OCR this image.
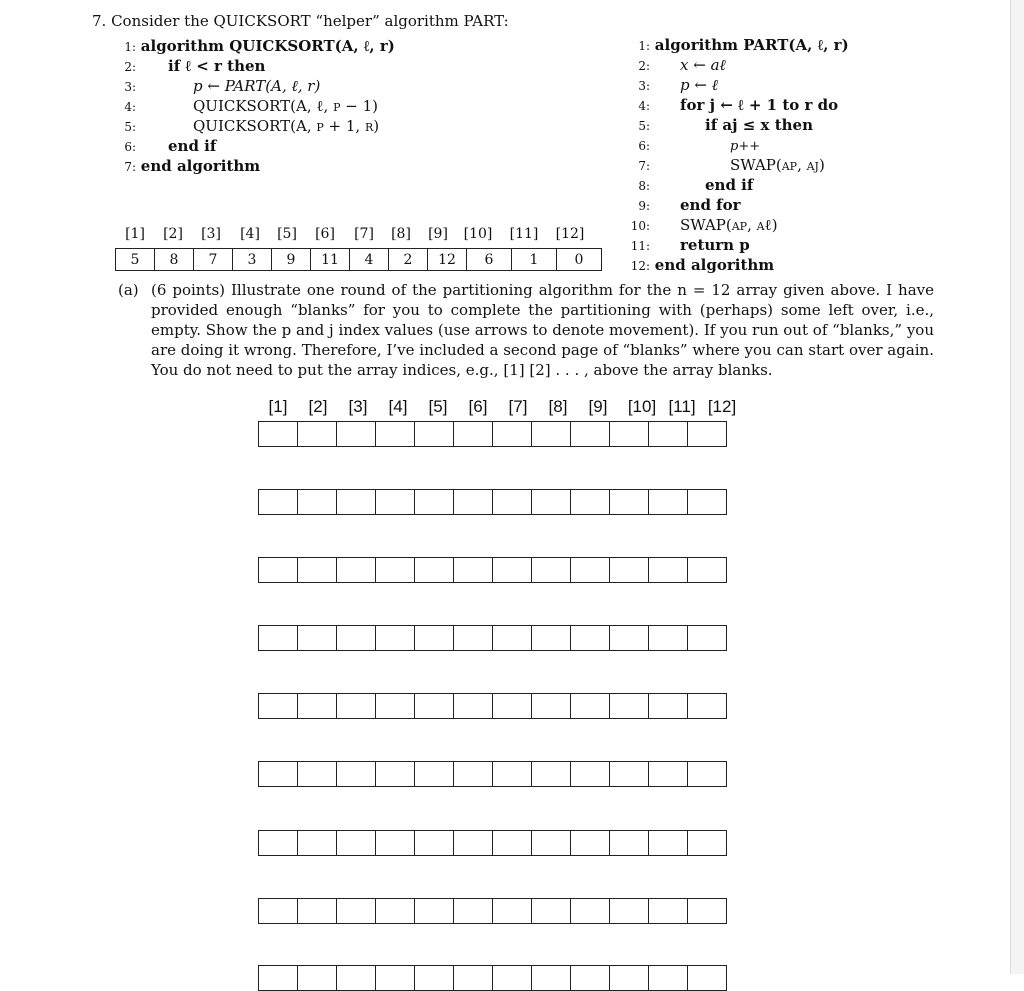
7. Consider the QUICKSORT “helper” algorithm PART:
1: algorithm QUICKSORT(A, ℓ, r)
2: if ℓ < r then
3:	p ← PART(A, ℓ, r)
4:	QUICKSORT(A, ℓ, p − 1)
5:	QUICKSORT(A, p + 1, r)
6: end if
7: end algorithm
1: algorithm PART(A, ℓ, r)
2: x ← aℓ
3: p ← ℓ
4: for j ← ℓ + 1 to r do
5:	if aj ≤ x then
6:	p++
7:	SWAP(ap, aj)
8:	end if
9: end for
10: SWAP(ap, aℓ)
11: return p
12: end algorithm
[1]	[2]	[3]	[4]	[5]	[6]	[7]	[8]	[9]	[10]	[11]	[12]
5	8	7	3	9	11	4	2	12	6	1	0
(a) (6 points) Illustrate one round of the partitioning algorithm for the n = 12 array given above. I have provided enough “blanks” for you to complete the partitioning with (perhaps) some left over, i.e., empty. Show the p and j index values (use arrows to denote movement). If you run out of “blanks,” you are doing it wrong. Therefore, I’ve included a second page of “blanks” where you can start over again. You do not need to put the array indices, e.g., [1] [2] . . . , above the array blanks.
[1]	[2]	[3]	[4]	[5]	[6]	[7]	[8]	[9]	[10] [11] [12]
